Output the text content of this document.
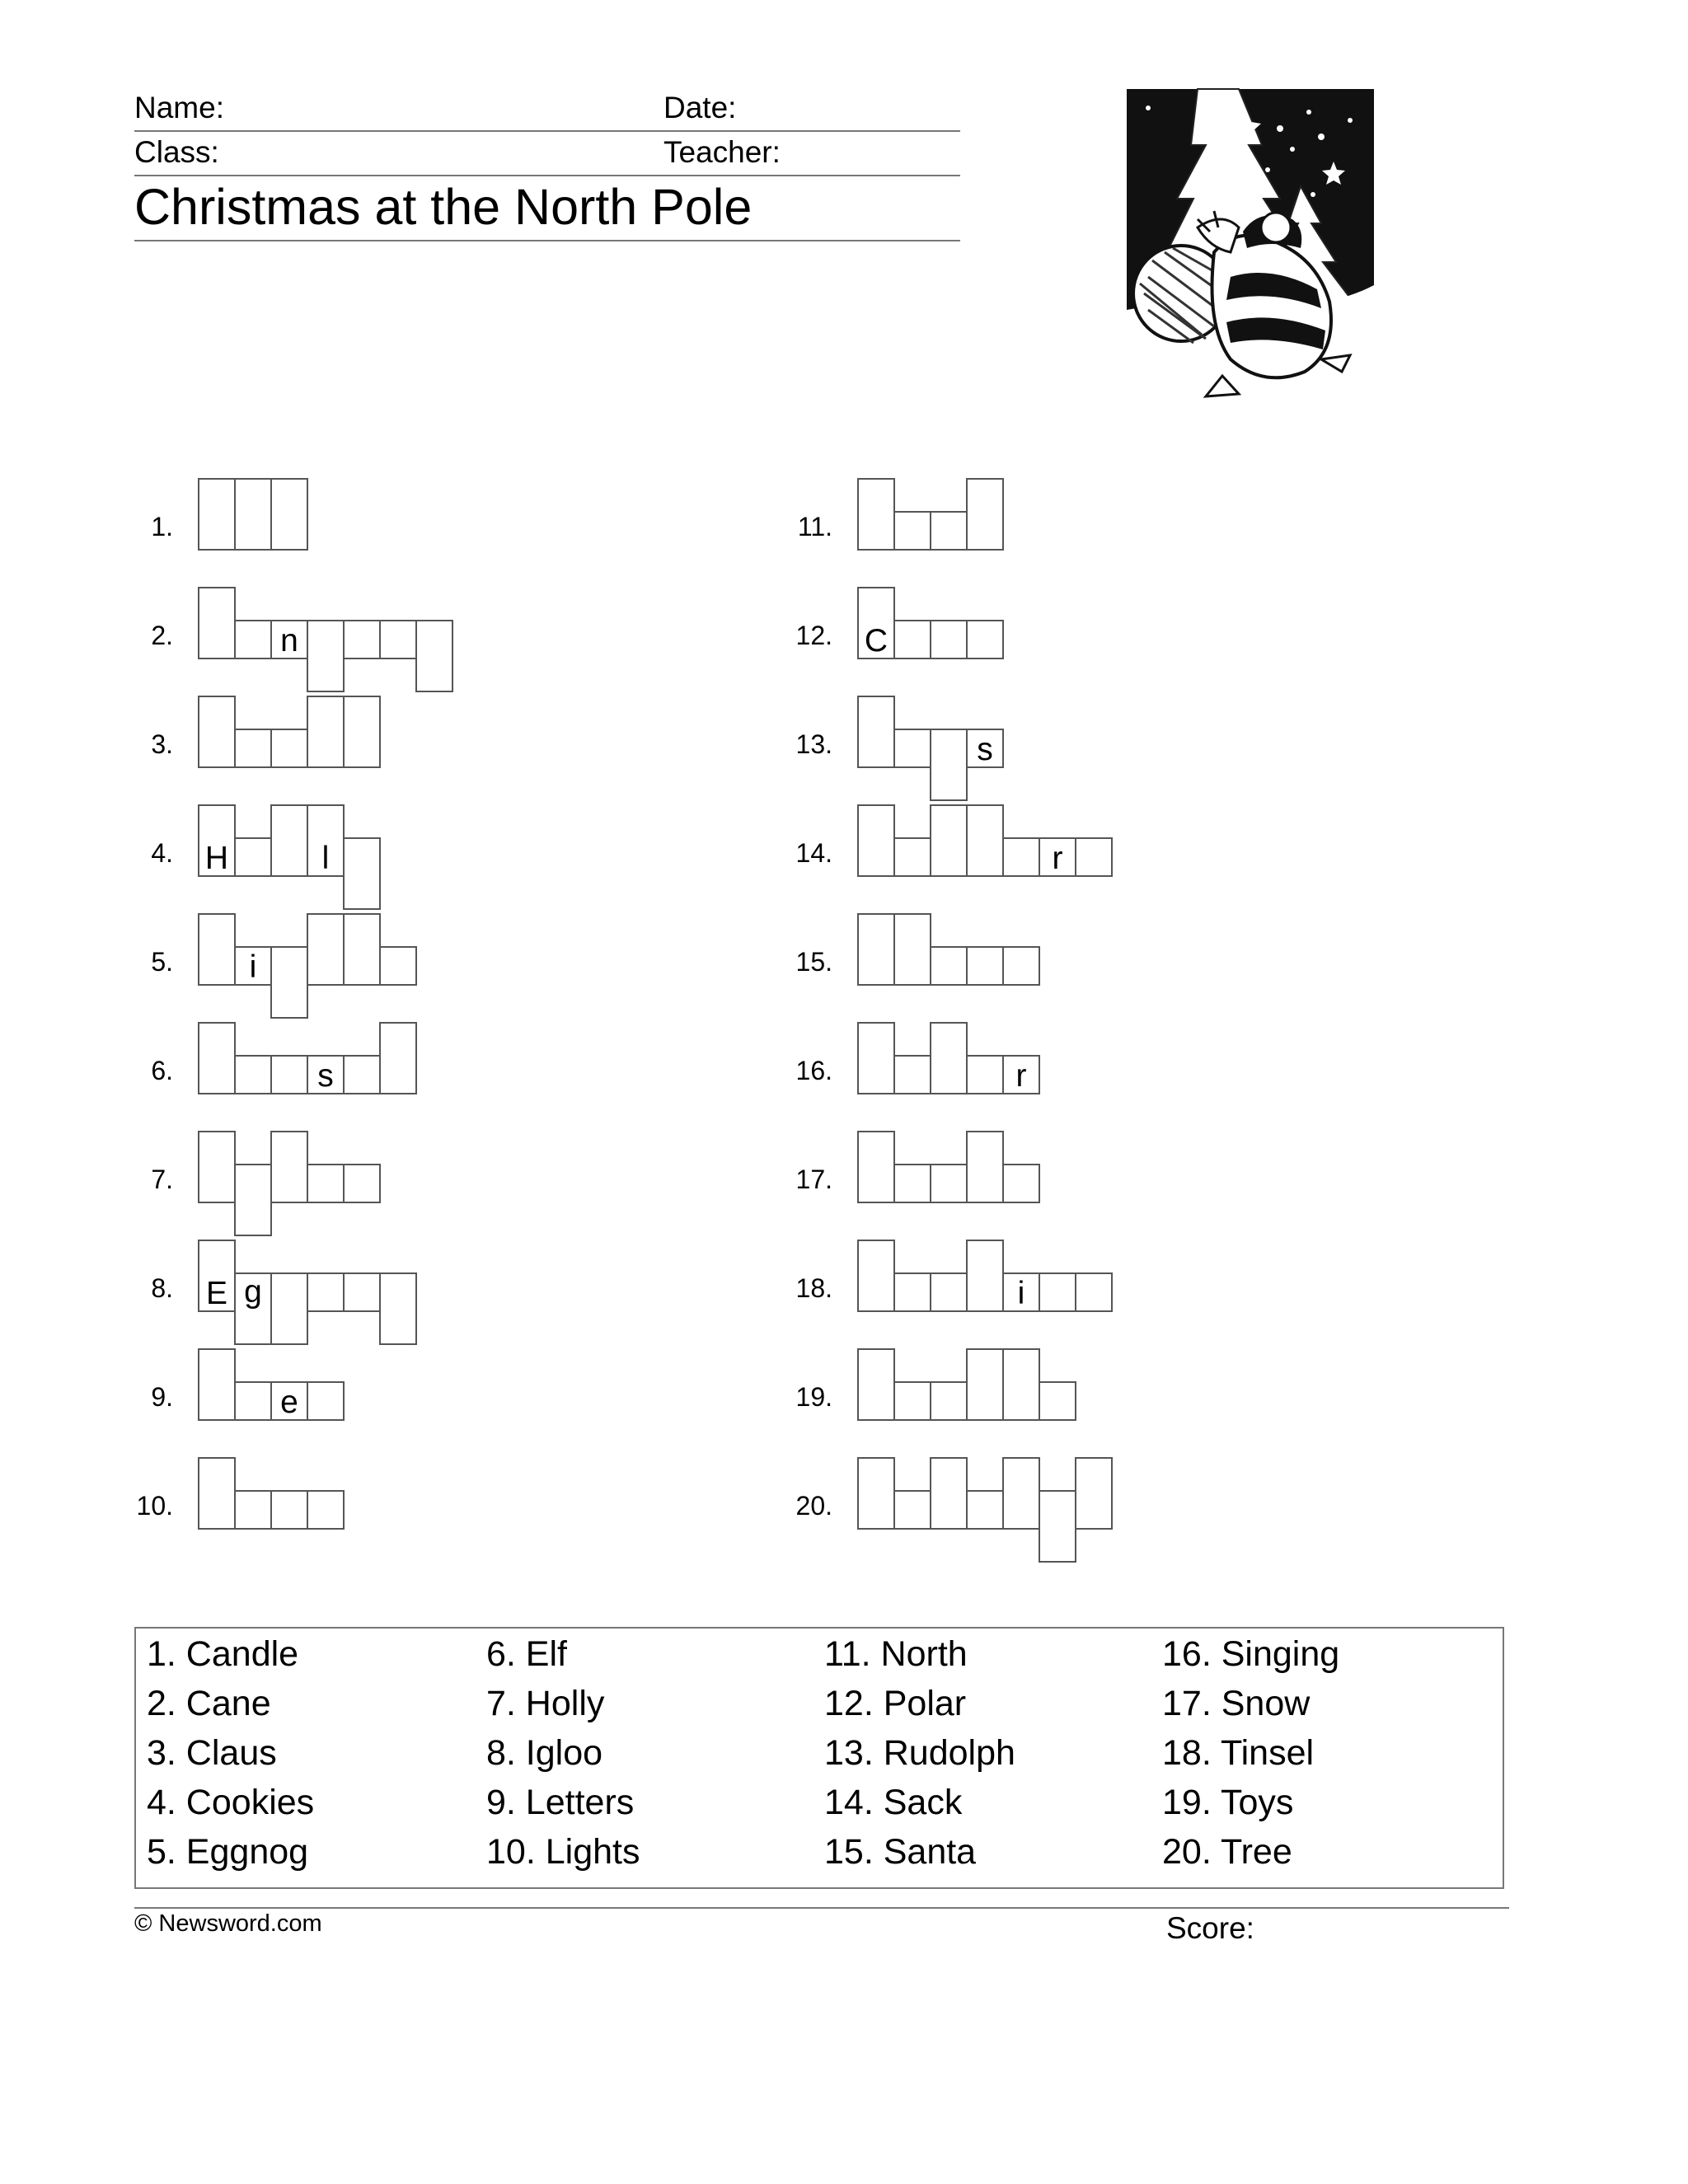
Name:	Date:
Class:	Teacher:
Christmas at the North Pole
1.
2.	n
3.
4. H	l
5.	i
6.	s
7.
8. E g
9.	e
10.
11.
12. C
13.	s
14.	r
15.
16.	r
17.
18.	i
19.
20.
1. Candle
2. Cane
3. Claus
4. Cookies
5. Eggnog
6. Elf
7. Holly
8. Igloo
9. Letters
10. Lights
11. North
12. Polar
13. Rudolph
14. Sack
15. Santa
16. Singing
17. Snow
18. Tinsel
19. Toys
20. Tree
© Newsword.com	Score:
